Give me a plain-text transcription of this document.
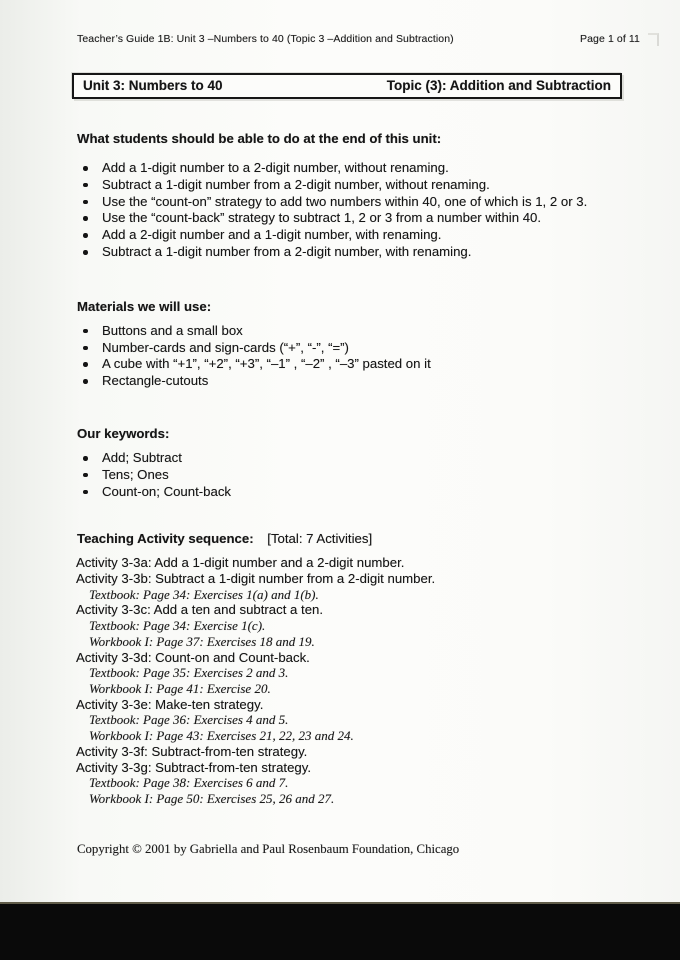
Teacher’s Guide 1B: Unit 3 –Numbers to 40 (Topic 3 –Addition and Subtraction)	Page 1 of 11
Unit 3: Numbers to 40	Topic (3): Addition and Subtraction
What students should be able to do at the end of this unit:
Add a 1-digit number to a 2-digit number, without renaming.
Subtract a 1-digit number from a 2-digit number, without renaming.
Use the “count-on” strategy to add two numbers within 40, one of which is 1, 2 or 3.
Use the “count-back” strategy to subtract 1, 2 or 3 from a number within 40.
Add a 2-digit number and a 1-digit number, with renaming.
Subtract a 1-digit number from a 2-digit number, with renaming.
Materials we will use:
Buttons and a small box
Number-cards and sign-cards (“+”, “-”, “=”)
A cube with “+1”, “+2”, “+3”, “–1” , “–2” , “–3” pasted on it
Rectangle-cutouts
Our keywords:
Add; Subtract
Tens; Ones
Count-on; Count-back
Teaching Activity sequence: [Total: 7 Activities]
Activity 3-3a: Add a 1-digit number and a 2-digit number.
Activity 3-3b: Subtract a 1-digit number from a 2-digit number.
Textbook: Page 34: Exercises 1(a) and 1(b).
Activity 3-3c: Add a ten and subtract a ten.
Textbook: Page 34: Exercise 1(c).
Workbook I: Page 37: Exercises 18 and 19.
Activity 3-3d: Count-on and Count-back.
Textbook: Page 35: Exercises 2 and 3.
Workbook I: Page 41: Exercise 20.
Activity 3-3e: Make-ten strategy.
Textbook: Page 36: Exercises 4 and 5.
Workbook I: Page 43: Exercises 21, 22, 23 and 24.
Activity 3-3f: Subtract-from-ten strategy.
Activity 3-3g: Subtract-from-ten strategy.
Textbook: Page 38: Exercises 6 and 7.
Workbook I: Page 50: Exercises 25, 26 and 27.
Copyright © 2001 by Gabriella and Paul Rosenbaum Foundation, Chicago
